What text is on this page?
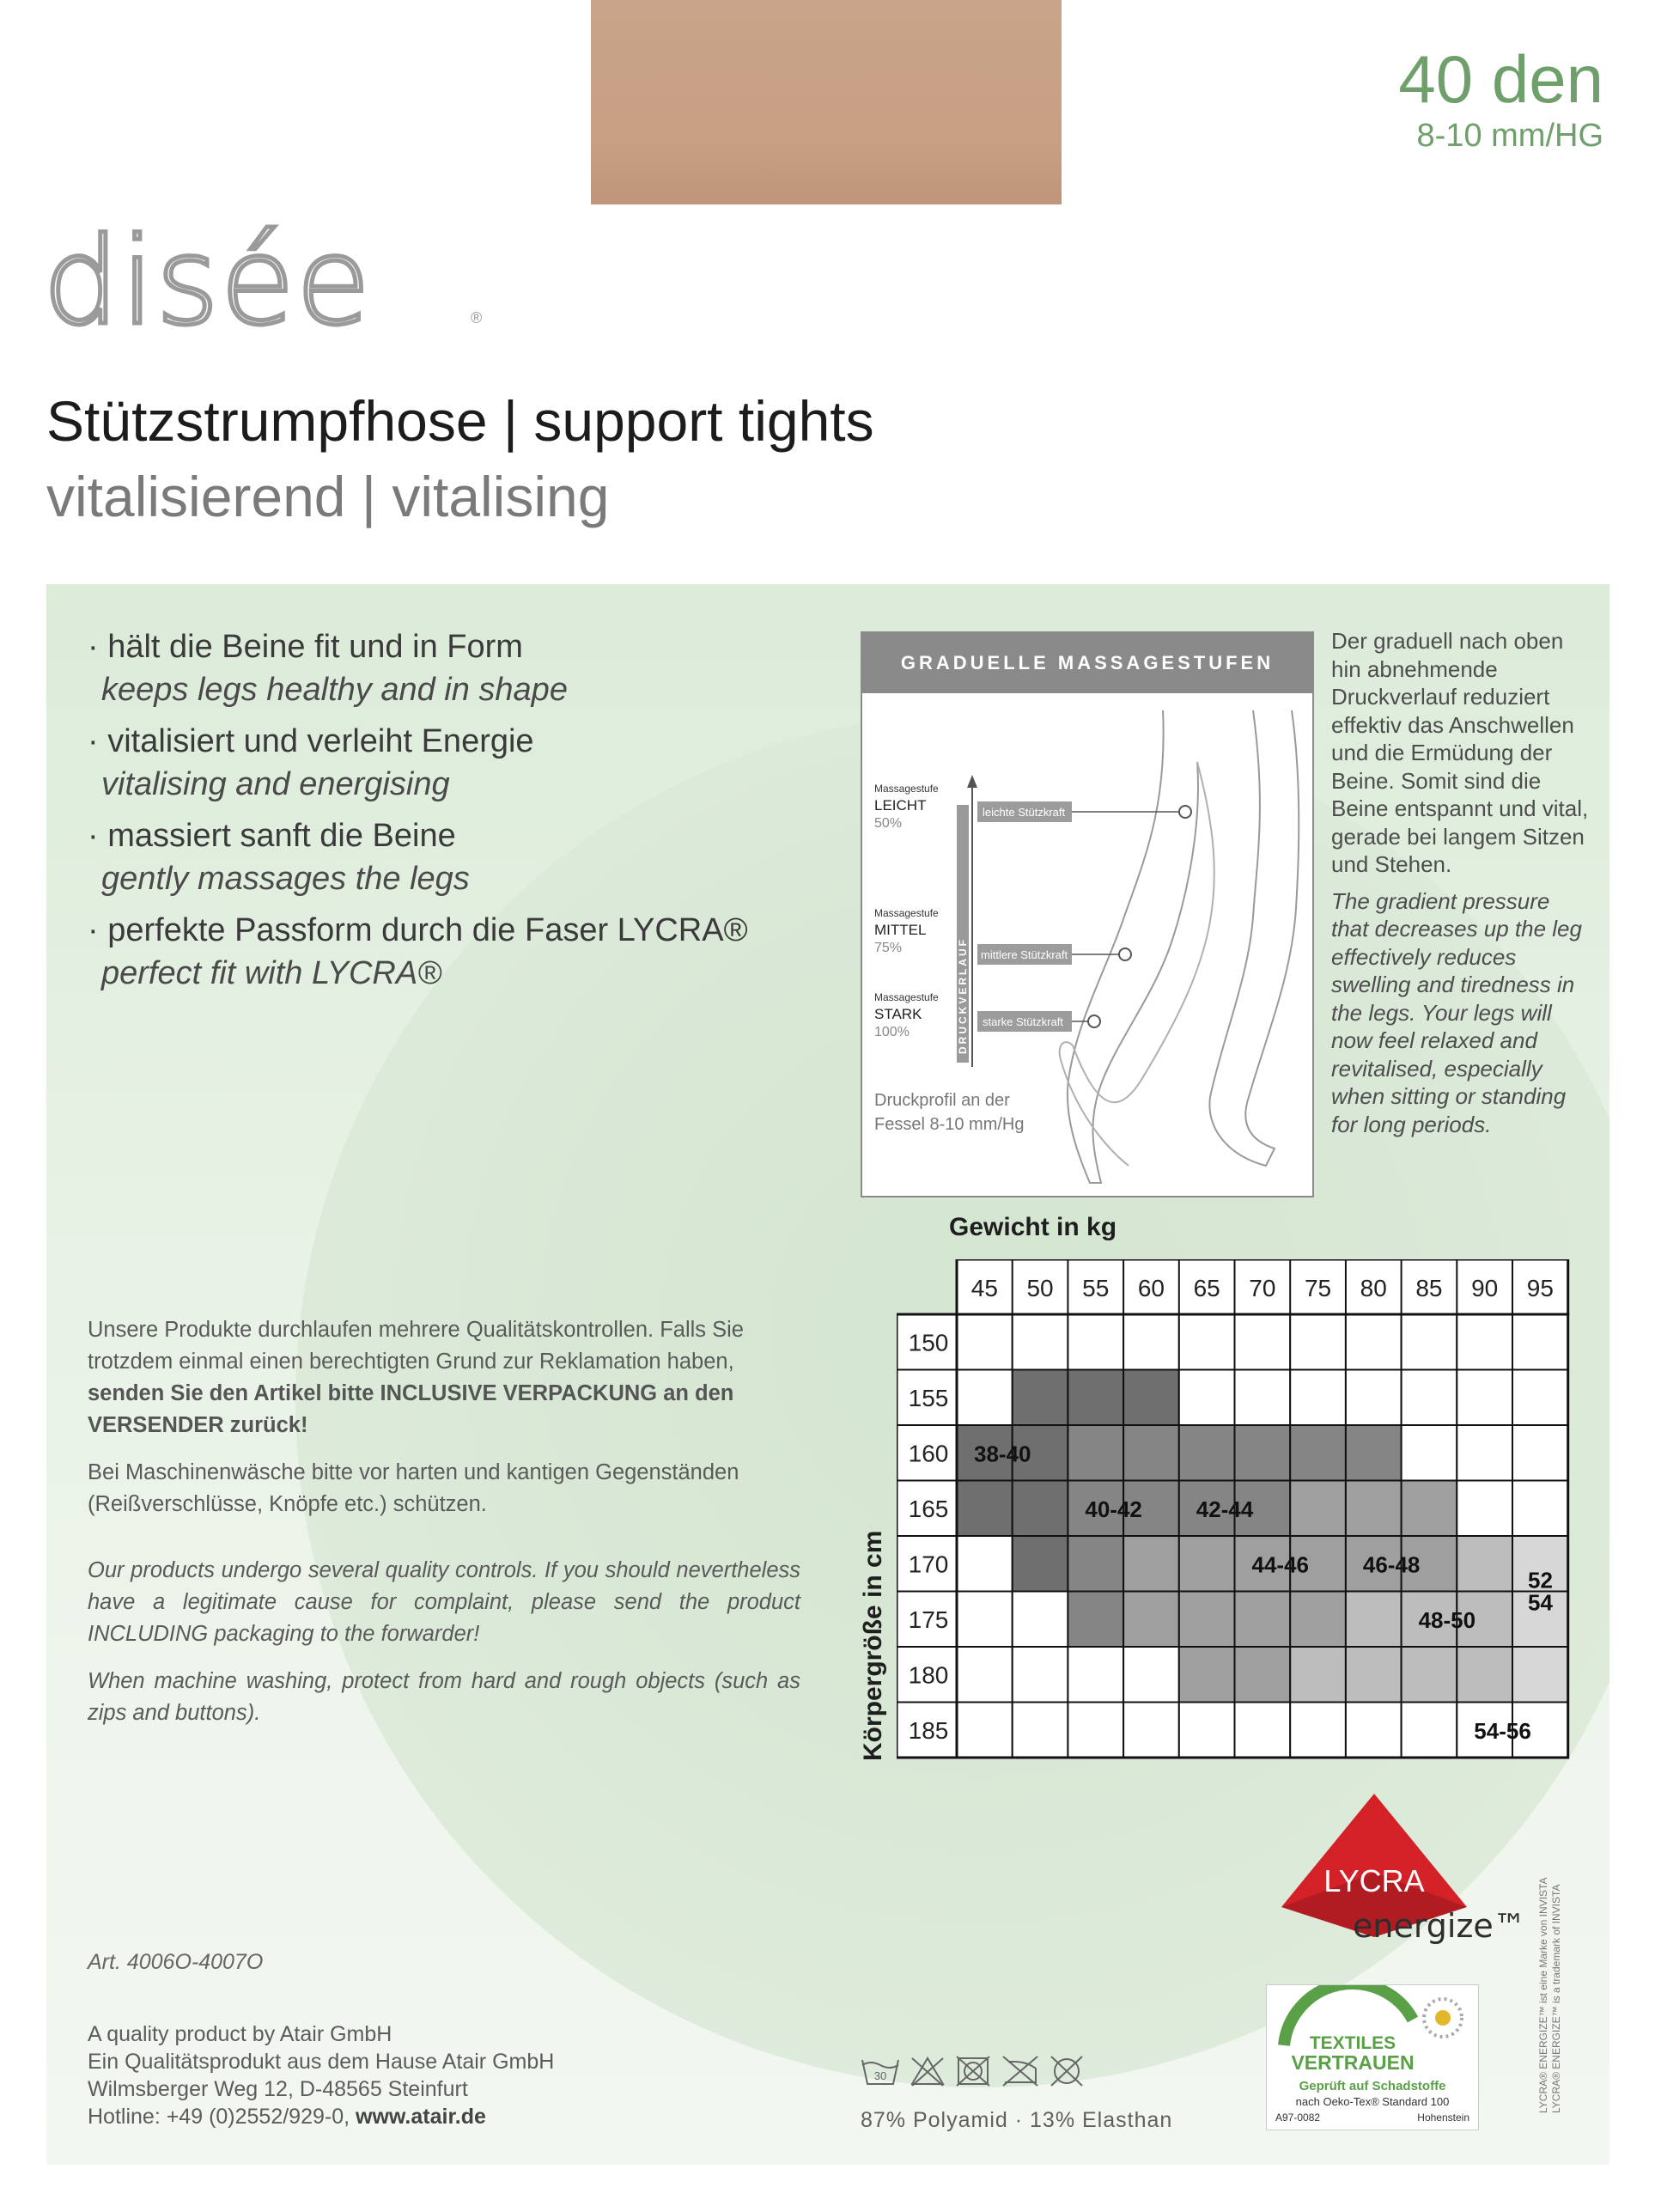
40 den
8-10 mm/HG
disée	®
Stützstrumpfhose | support tights
vitalisierend | vitalising
· hält die Beine fit und in Form
keeps legs healthy and in shape
· vitalisiert und verleiht Energie
vitalising and energising
· massiert sanft die Beine
gently massages the legs
· perfekte Passform durch die Faser LYCRA®
perfect fit with LYCRA®
GRADUELLE MASSAGESTUFEN
DRUCKVERLAUF
leichte Stützkraft
mittlere Stützkraft
starke Stützkraft
Massagestufe
LEICHT
50%
Massagestufe
MITTEL
75%
Massagestufe
STARK
100%
Druckprofil an der
Fessel 8-10 mm/Hg
Der graduell nach oben hin abnehmende Druckverlauf reduziert effektiv das Anschwellen und die Ermüdung der Beine. Somit sind die Beine entspannt und vital, gerade bei langem Sitzen und Stehen.
The gradient pressure that decreases up the leg effectively reduces swelling and tiredness in the legs. Your legs will now feel relaxed and revitalised, especially when sitting or standing for long periods.

Unsere Produkte durchlaufen mehrere Qualitätskontrollen. Falls Sie trotzdem einmal einen berechtigten Grund zur Reklamation haben, senden Sie den Artikel bitte INCLUSIVE VERPACKUNG an den VERSENDER zurück!

Bei Maschinenwäsche bitte vor harten und kantigen Gegenständen (Reißverschlüsse, Knöpfe etc.) schützen.

Our products undergo several quality controls. If you should nevertheless have a legitimate cause for complaint, please send the product INCLUDING packaging to the forwarder!

When machine washing, protect from hard and rough objects (such as zips and buttons).

Gewicht in kg
Körpergröße in cm
45 50 55 60 65 70 75 80 85 90 95
150
155
160
165
170
175
180
185
38-40
40-42 42-44
44-46 46-48
48-50
52
54
54-56
LYCRA
energize™ LYCRA® ENERGIZE™ ist eine Marke von INVISTA LYCRA® ENERGIZE™ is a trademark of INVISTA
TEXTILES
VERTRAUEN
Geprüft auf Schadstoffe
nach Oeko-Tex® Standard 100
A97-0082	Hohenstein
Art. 4006O-4007O
A quality product by Atair GmbH
Ein Qualitätsprodukt aus dem Hause Atair GmbH
Wilmsberger Weg 12, D-48565 Steinfurt
Hotline: +49 (0)2552/929-0, www.atair.de
30
87% Polyamid · 13% Elasthan
